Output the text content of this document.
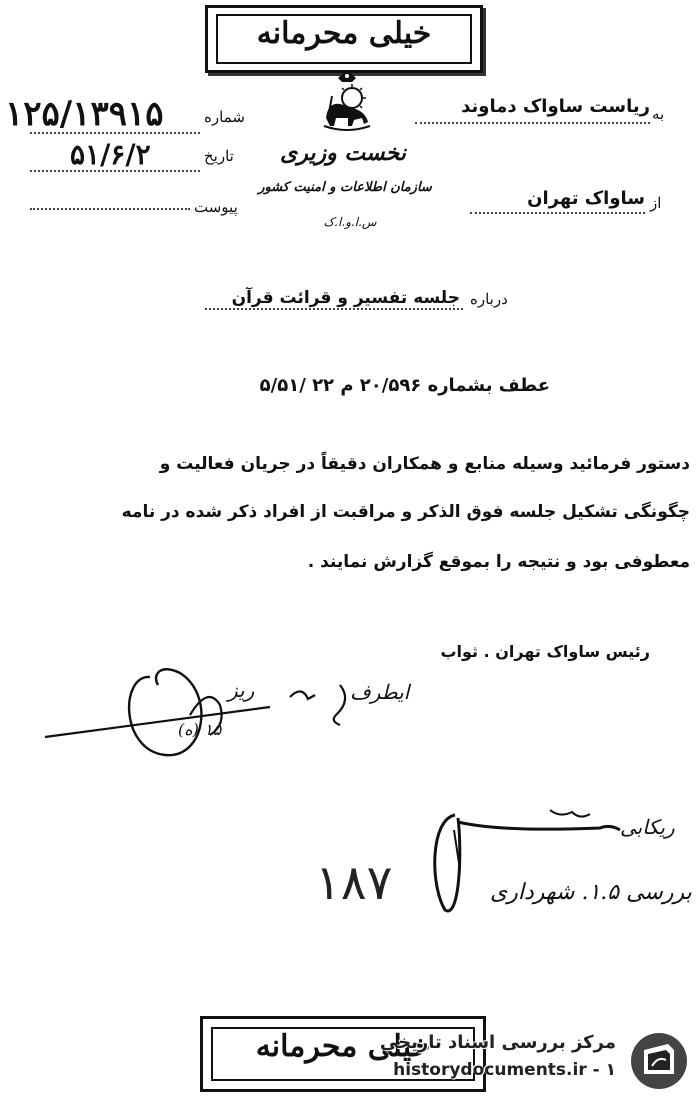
خیلی محرمانه
به
ریاست ساواک دماوند
از
ساواک تهران
شماره
۱۲۵/۱۳۹۱۵
تاریخ
۵۱/۶/۲
پیوست
نخست وزیری
سازمان اطلاعات و امنیت کشور
س.ا.و.ا.ک
درباره
جلسه تفسیر و قرائت قرآن
عطف بشماره ۲۰/۵۹۶ م ۲۲ /۵/۵۱
دستور فرمائید وسیله منابع و همکاران دقیقاً در جریان فعالیت و
چگونگی تشکیل جلسه فوق الذکر و مراقبت از افراد ذکر شده در نامه
معطوفی بود و نتیجه را بموقع گزارش نمایند .
رئیس ساواک تهران . ثواب
ایطرف
ریز
(ه) ۱۵
ریکابی
۱۸۷	بررسی ۱.۵. شهرداری
خیلی محرمانه
مرکز بررسی اسناد تاریخی
historydocuments.ir - ۱
